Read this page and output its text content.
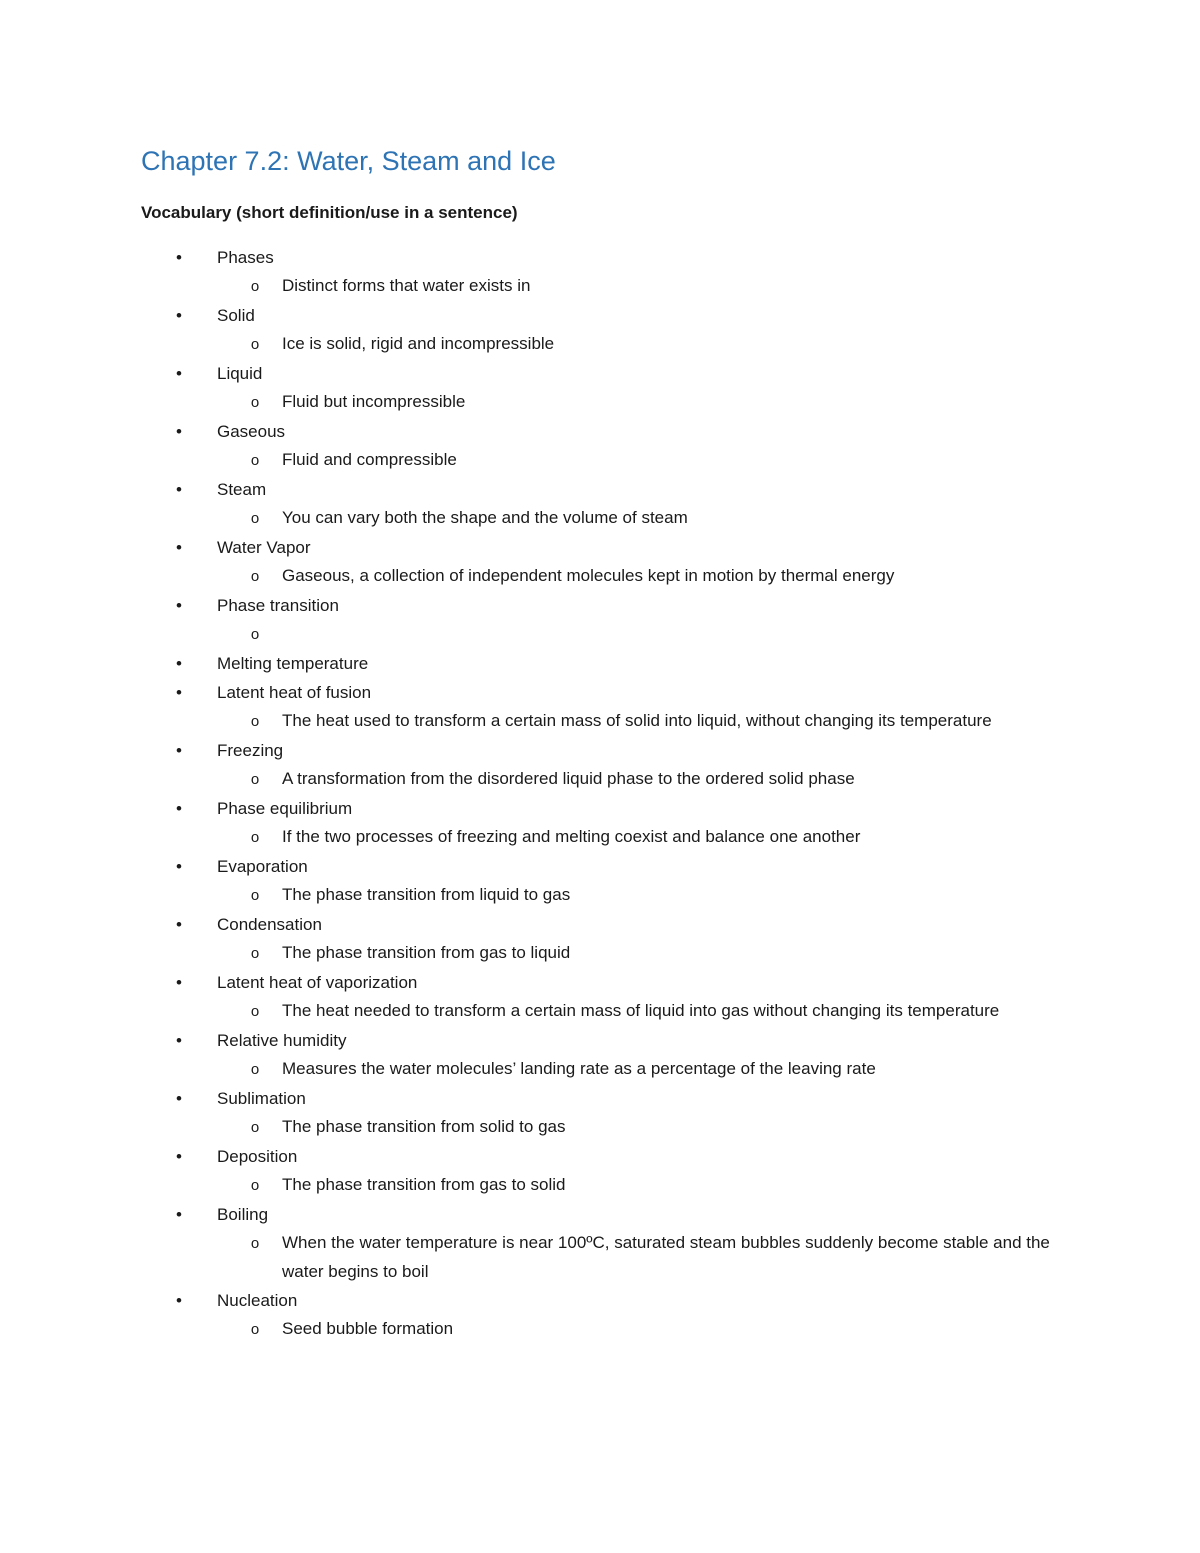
Chapter 7.2: Water, Steam and Ice

Vocabulary (short definition/use in a sentence)

• Phases
o Distinct forms that water exists in
• Solid
o Ice is solid, rigid and incompressible
• Liquid
o Fluid but incompressible
• Gaseous
o Fluid and compressible
• Steam
o You can vary both the shape and the volume of steam
• Water Vapor
o Gaseous, a collection of independent molecules kept in motion by thermal energy
• Phase transition
o
• Melting temperature
• Latent heat of fusion
o The heat used to transform a certain mass of solid into liquid, without changing its temperature
• Freezing
o A transformation from the disordered liquid phase to the ordered solid phase
• Phase equilibrium
o If the two processes of freezing and melting coexist and balance one another
• Evaporation
o The phase transition from liquid to gas
• Condensation
o The phase transition from gas to liquid
• Latent heat of vaporization
o The heat needed to transform a certain mass of liquid into gas without changing its temperature
• Relative humidity
o Measures the water molecules’ landing rate as a percentage of the leaving rate
• Sublimation
o The phase transition from solid to gas
• Deposition
o The phase transition from gas to solid
• Boiling
o When the water temperature is near 100ºC, saturated steam bubbles suddenly become stable and the water begins to boil
• Nucleation
o Seed bubble formation
